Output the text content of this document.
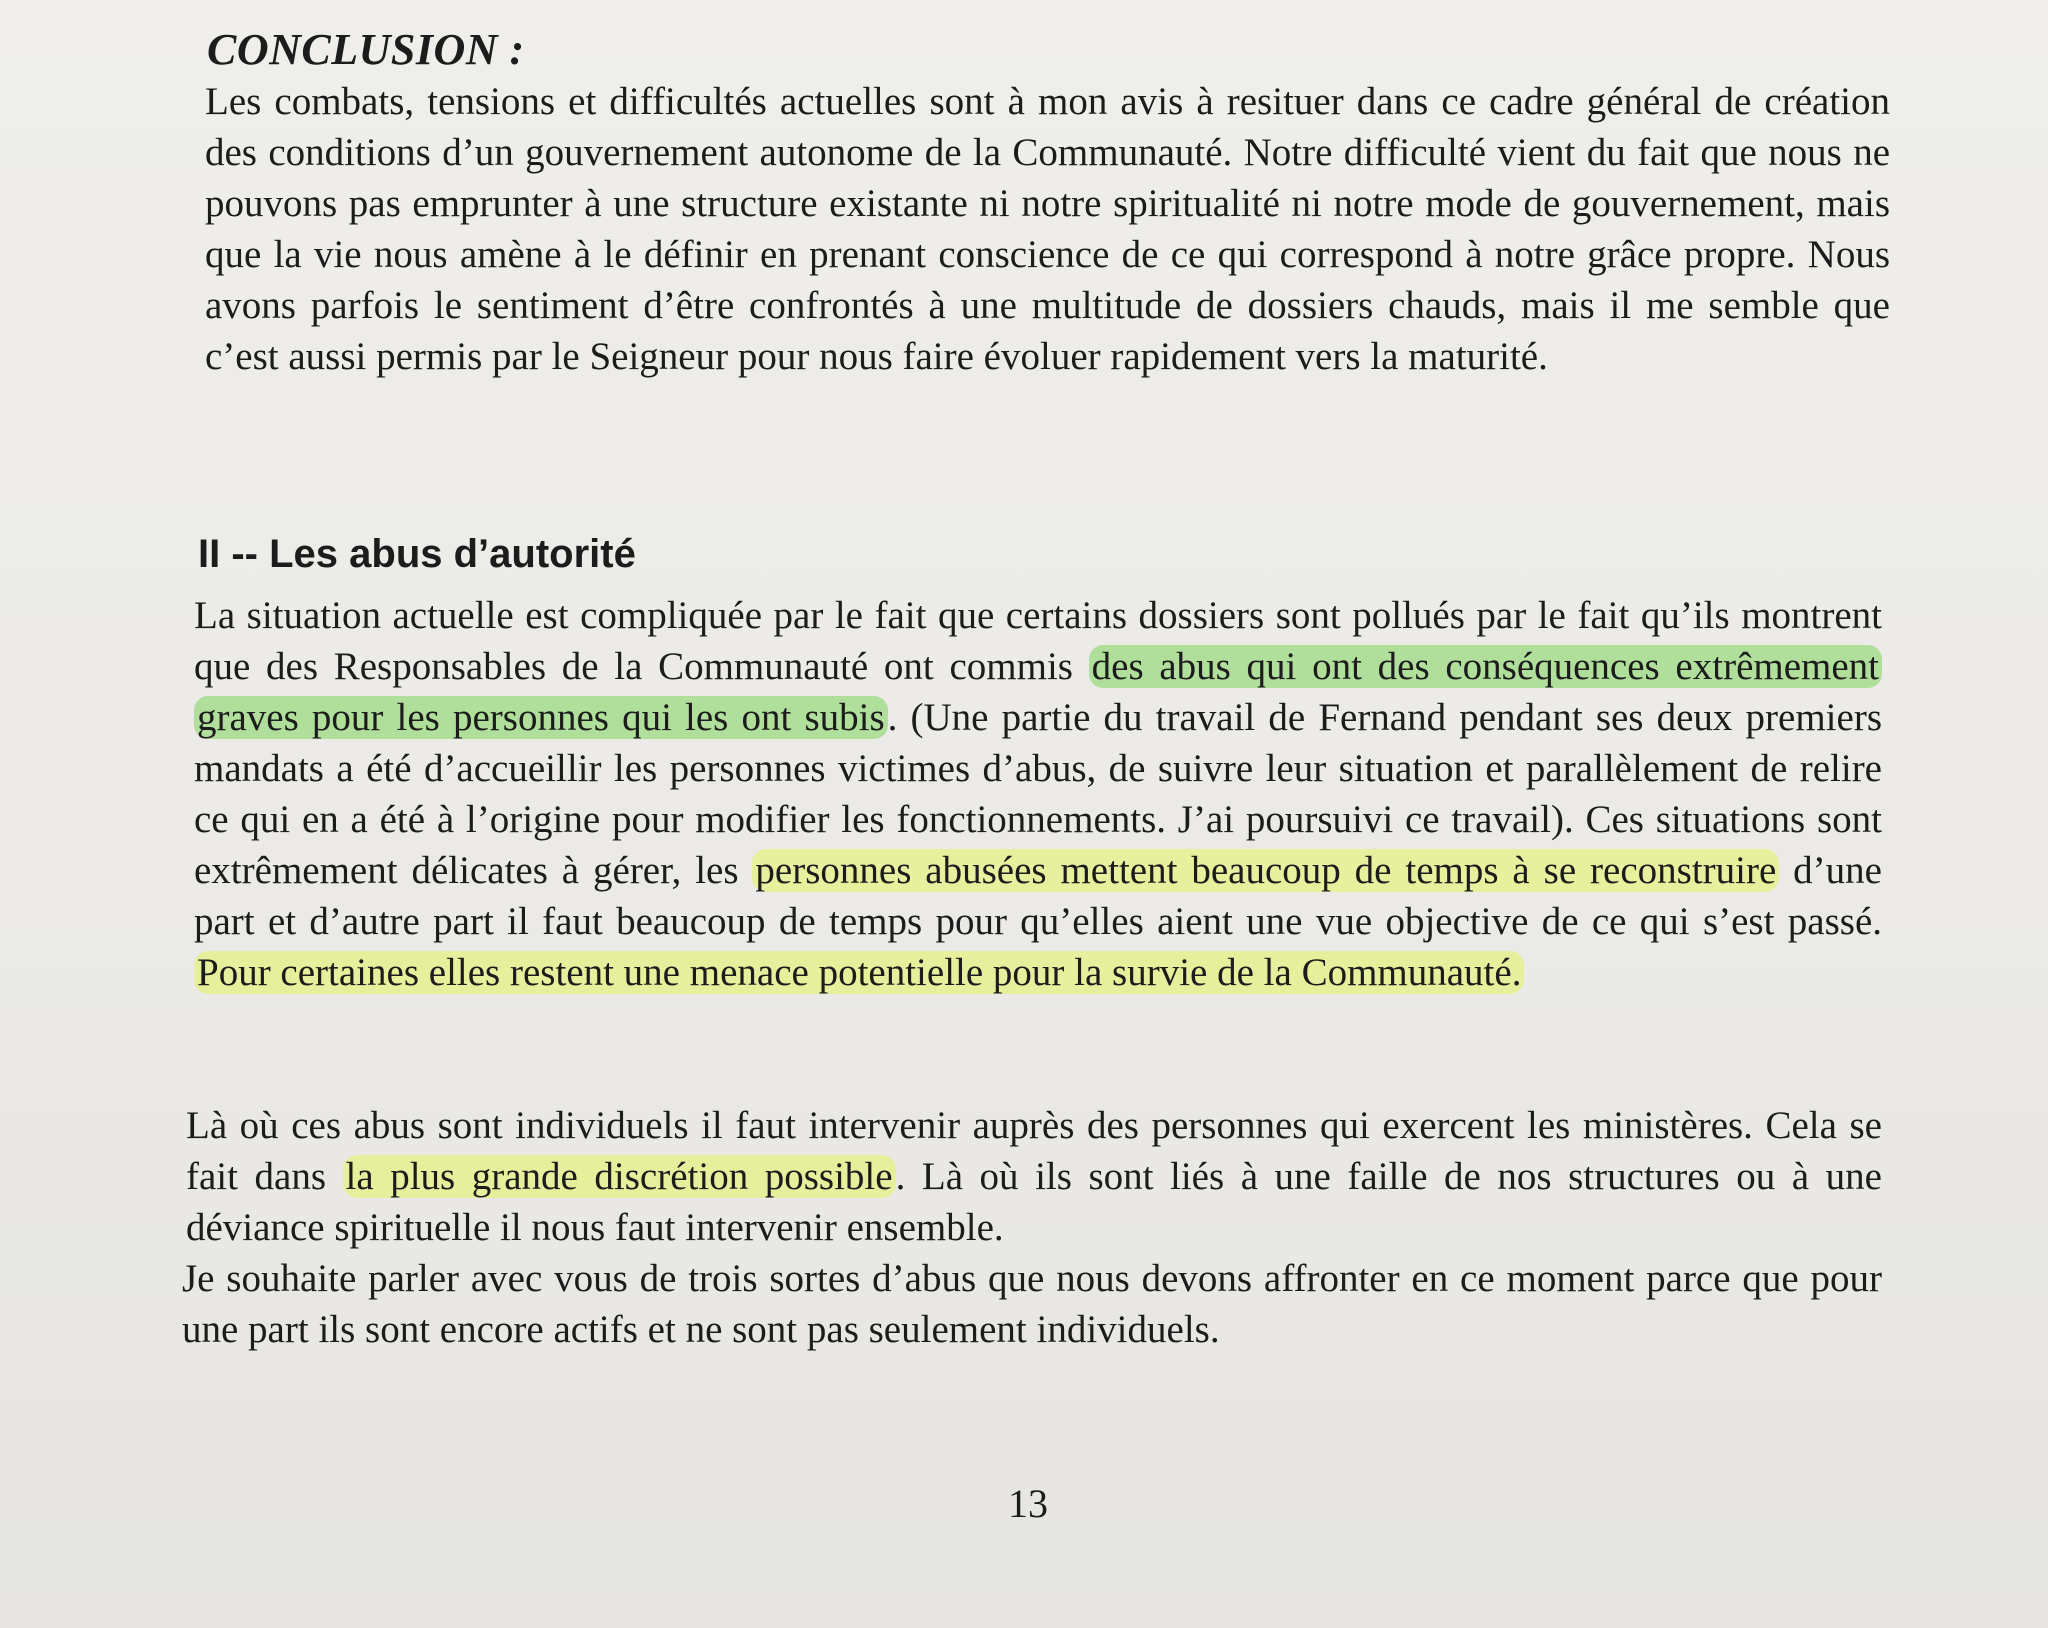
CONCLUSION :

Les combats, tensions et difficultés actuelles sont à mon avis à resituer dans ce cadre général de création des conditions d’un gouvernement autonome de la Communauté. Notre difficulté vient du fait que nous ne pouvons pas emprunter à une structure existante ni notre spiritualité ni notre mode de gouvernement, mais que la vie nous amène à le définir en prenant conscience de ce qui correspond à notre grâce propre. Nous avons parfois le sentiment d’être confrontés à une multitude de dossiers chauds, mais il me semble que c’est aussi permis par le Seigneur pour nous faire évoluer rapidement vers la maturité.

II -- Les abus d’autorité

La situation actuelle est compliquée par le fait que certains dossiers sont pollués par le fait qu’ils montrent que des Responsables de la Communauté ont commis des abus qui ont des conséquences extrêmement graves pour les personnes qui les ont subis. (Une partie du travail de Fernand pendant ses deux premiers mandats a été d’accueillir les personnes victimes d’abus, de suivre leur situation et parallèlement de relire ce qui en a été à l’origine pour modifier les fonctionnements. J’ai poursuivi ce travail). Ces situations sont extrêmement délicates à gérer, les personnes abusées mettent beaucoup de temps à se reconstruire d’une part et d’autre part il faut beaucoup de temps pour qu’elles aient une vue objective de ce qui s’est passé. Pour certaines elles restent une menace potentielle pour la survie de la Communauté.

Là où ces abus sont individuels il faut intervenir auprès des personnes qui exercent les ministères. Cela se fait dans la plus grande discrétion possible. Là où ils sont liés à une faille de nos structures ou à une déviance spirituelle il nous faut intervenir ensemble.

Je souhaite parler avec vous de trois sortes d’abus que nous devons affronter en ce moment parce que pour une part ils sont encore actifs et ne sont pas seulement individuels.

13
